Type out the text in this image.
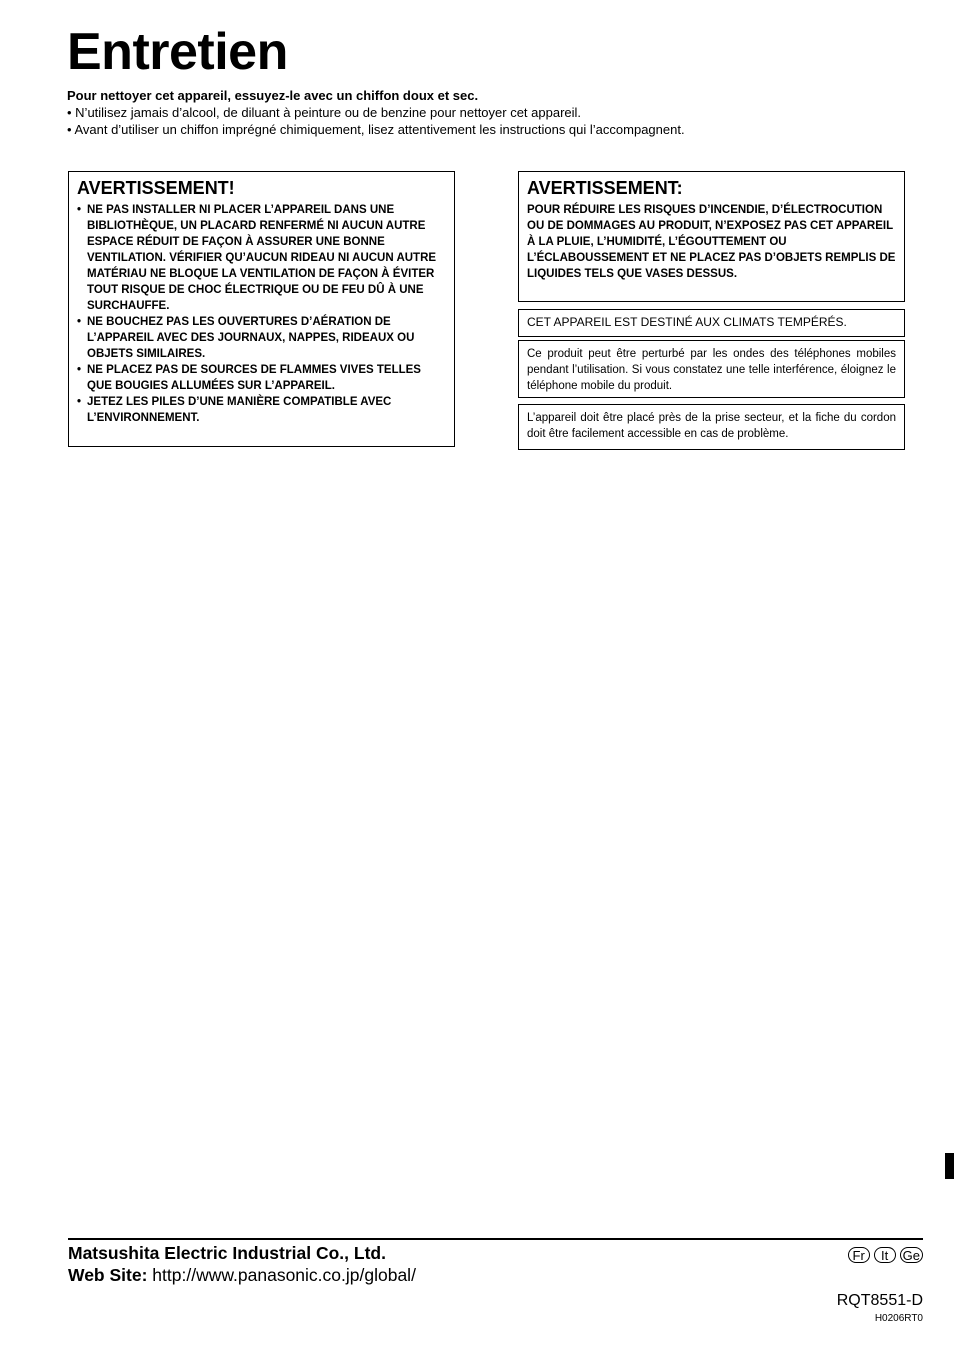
Entretien
Pour nettoyer cet appareil, essuyez-le avec un chiffon doux et sec.
• N’utilisez jamais d’alcool, de diluant à peinture ou de benzine pour nettoyer cet appareil.
• Avant d’utiliser un chiffon imprégné chimiquement, lisez attentivement les instructions qui l’accompagnent.
AVERTISSEMENT!
• NE PAS INSTALLER NI PLACER L’APPAREIL DANS UNE BIBLIOTHÈQUE, UN PLACARD RENFERMÉ NI AUCUN AUTRE ESPACE RÉDUIT DE FAÇON À ASSURER UNE BONNE VENTILATION. VÉRIFIER QU’AUCUN RIDEAU NI AUCUN AUTRE MATÉRIAU NE BLOQUE LA VENTILATION DE FAÇON À ÉVITER TOUT RISQUE DE CHOC ÉLECTRIQUE OU DE FEU DÛ À UNE SURCHAUFFE.
• NE BOUCHEZ PAS LES OUVERTURES D’AÉRATION DE L’APPAREIL AVEC DES JOURNAUX, NAPPES, RIDEAUX OU OBJETS SIMILAIRES.
• NE PLACEZ PAS DE SOURCES DE FLAMMES VIVES TELLES QUE BOUGIES ALLUMÉES SUR L’APPAREIL.
• JETEZ LES PILES D’UNE MANIÈRE COMPATIBLE AVEC L’ENVIRONNEMENT.
AVERTISSEMENT:
POUR RÉDUIRE LES RISQUES D’INCENDIE, D’ÉLECTROCUTION OU DE DOMMAGES AU PRODUIT, N’EXPOSEZ PAS CET APPAREIL À LA PLUIE, L’HUMIDITÉ, L’ÉGOUTTEMENT OU L’ÉCLABOUSSEMENT ET NE PLACEZ PAS D’OBJETS REMPLIS DE LIQUIDES TELS QUE VASES DESSUS.
CET APPAREIL EST DESTINÉ AUX CLIMATS TEMPÉRÉS.
Ce produit peut être perturbé par les ondes des téléphones mobiles pendant l’utilisation. Si vous constatez une telle interférence, éloignez le téléphone mobile du produit.
L’appareil doit être placé près de la prise secteur, et la fiche du cordon doit être facilement accessible en cas de problème.
Matsushita Electric Industrial Co., Ltd.
Web Site: http://www.panasonic.co.jp/global/
Fr	It	Ge
RQT8551-D
H0206RT0
